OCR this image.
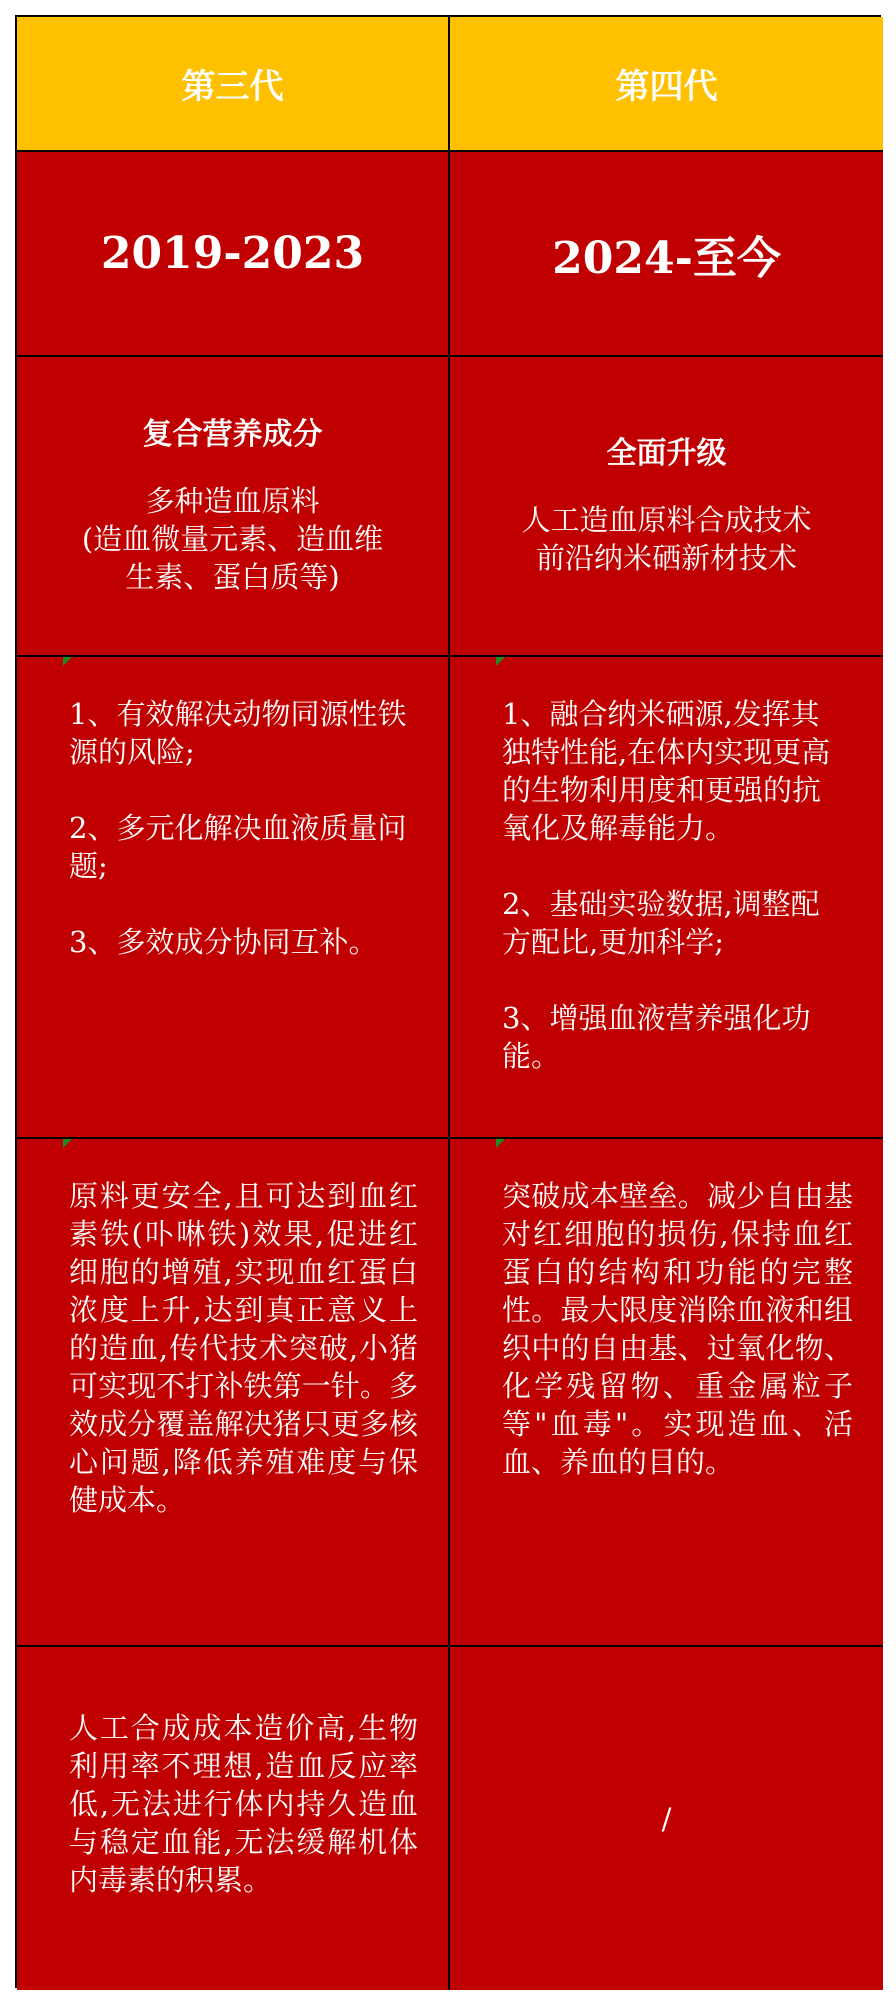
第三代	第四代
2019-2023	2024-至今
复合营养成分
多种造血原料
(造血微量元素、造血维
生素、蛋白质等)
全面升级
人工造血原料合成技术
前沿纳米硒新材技术
1、有效解决动物同源性铁源的风险;
2、多元化解决血液质量问题;
3、多效成分协同互补。
1、融合纳米硒源,发挥其独特性能,在体内实现更高的生物利用度和更强的抗氧化及解毒能力。
2、基础实验数据,调整配方配比,更加科学;
3、增强血液营养强化功能。
原料更安全,且可达到血红素铁(卟啉铁)效果,促进红细胞的增殖,实现血红蛋白浓度上升,达到真正意义上的造血,传代技术突破,小猪可实现不打补铁第一针。多效成分覆盖解决猪只更多核心问题,降低养殖难度与保健成本。
突破成本壁垒。减少自由基对红细胞的损伤,保持血红蛋白的结构和功能的完整性。最大限度消除血液和组织中的自由基、过氧化物、化学残留物、重金属粒子等"血毒"。实现造血、活血、养血的目的。
人工合成成本造价高,生物利用率不理想,造血反应率低,无法进行体内持久造血与稳定血能,无法缓解机体内毒素的积累。
/
